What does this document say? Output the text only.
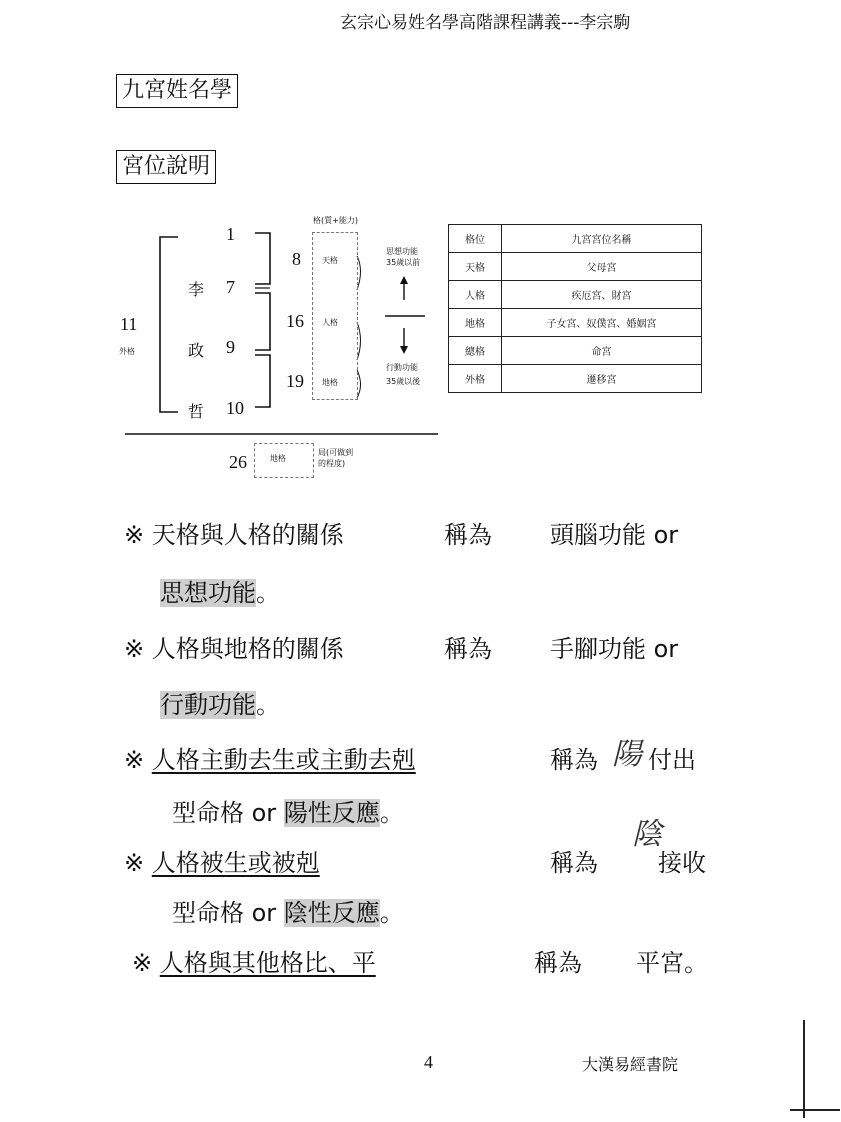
玄宗心易姓名學高階課程講義---李宗駒
九宮姓名學
宮位說明
格(質+能力)
1
7
9
10
李
政
哲
11
外格
8
16
19
天格
人格
地格
思想功能
35歲以前
行動功能
35歲以後
26	地格
局(可做到
的程度)
格位	九宮宮位名稱
天格	父母宮
人格	疾厄宮、財宮
地格	子女宮、奴僕宮、婚姻宮
總格	命宮
外格	遷移宮
※ 天格與人格的關係	稱為 頭腦功能 or
思想功能。
※ 人格與地格的關係	稱為 手腳功能 or
行動功能。
※ 人格主動去生或主動去剋	稱為 陽 付出
型命格 or 陽性反應。
※ 人格被生或被剋	稱為
陰
接收
型命格 or 陰性反應。
※ 人格與其他格比、平	稱為 平宮。
4	大漢易經書院
